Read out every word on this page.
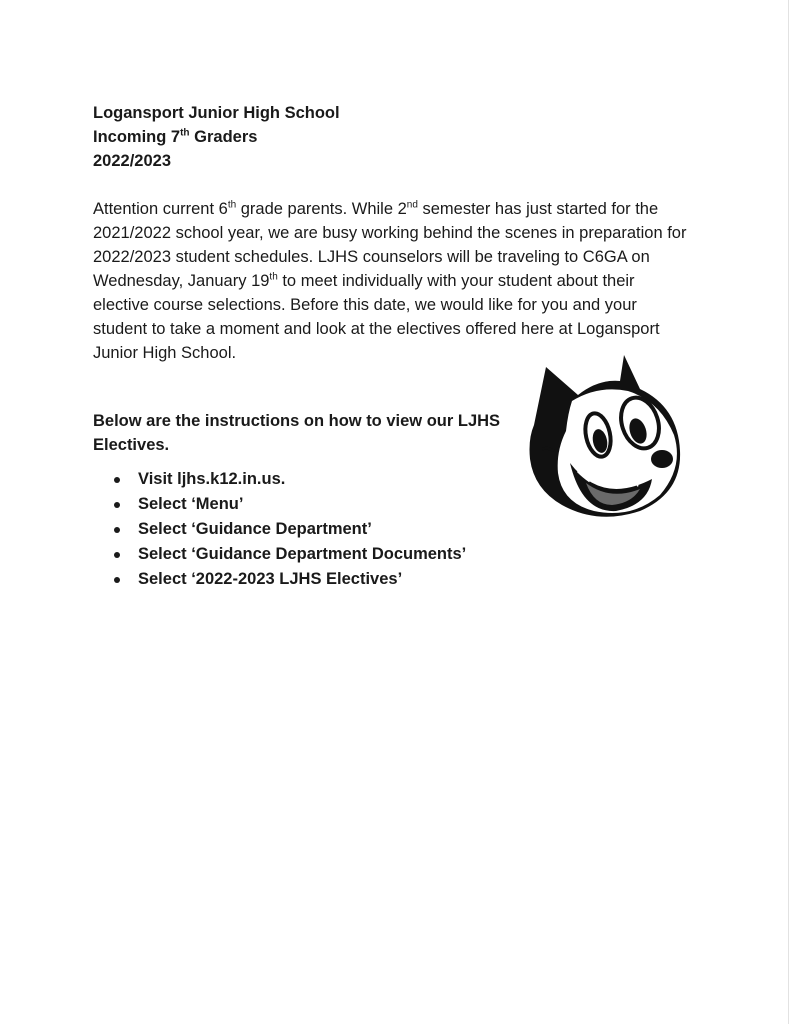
Logansport Junior High School
Incoming 7th Graders
2022/2023
Attention current 6th grade parents. While 2nd semester has just started for the
2021/2022 school year, we are busy working behind the scenes in preparation for
2022/2023 student schedules. LJHS counselors will be traveling to C6GA on
Wednesday, January 19th to meet individually with your student about their
elective course selections. Before this date, we would like for you and your
student to take a moment and look at the electives offered here at Logansport
Junior High School.
Below are the instructions on how to view our LJHS
Electives.
Visit ljhs.k12.in.us.
Select ‘Menu’
Select ‘Guidance Department’
Select ‘Guidance Department Documents’
Select ‘2022-2023 LJHS Electives’
